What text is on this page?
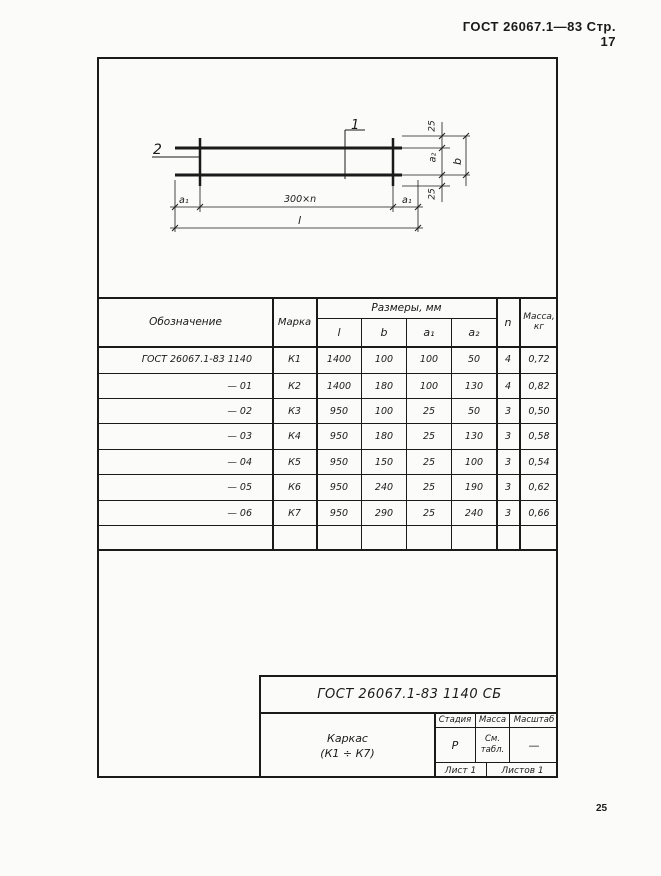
ГОСТ 26067.1—83 Стр. 17
1
2
25
a₂ b
25
a₁	300×n	a₁
l
Обозначение	Марка
Размеры, мм
l	b	a₁	a₂
n	Масса, кг
ГОСТ 26067.1-83 1140	К1	1400	100	100	50	4	0,72
— 01	К2	1400	180	100	130	4	0,82
— 02	К3	950	100	25	50	3	0,50
— 03	К4	950	180	25	130	3	0,58
— 04	К5	950	150	25	100	3	0,54
— 05	К6	950	240	25	190	3	0,62
— 06	К7	950	290	25	240	3	0,66
ГОСТ 26067.1-83 1140 СБ
Каркас
(К1 ÷ К7)
Стадия Масса Масштаб
Р	См.
табл.	—
Лист 1	Листов 1
25
